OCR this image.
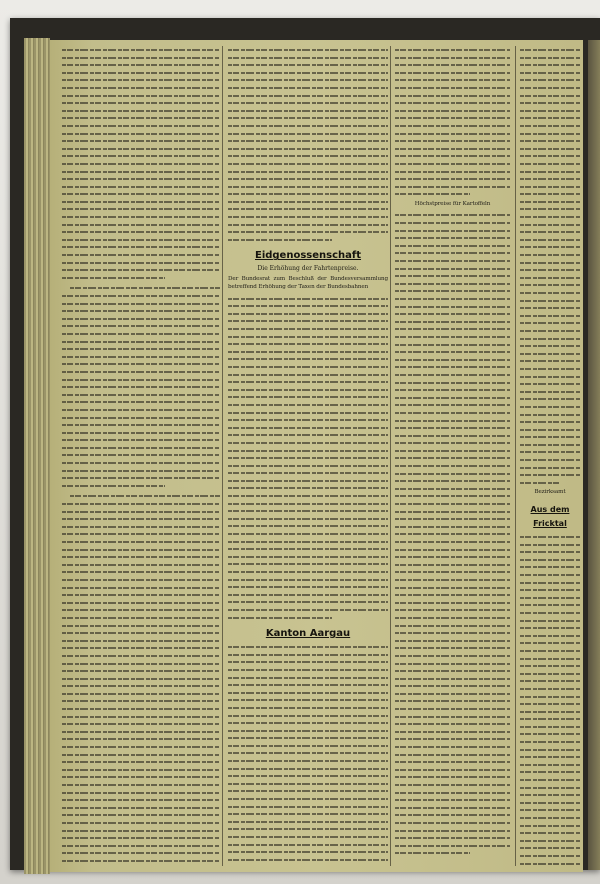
Eidgenossenschaft
Die Erhöhung der Fahrtenpreise.
Der Bundesrat zum Beschluß der Bundesversammlung betreffend Erhöhung der Taxen der Bundesbahnen
Kanton Aargau
Höchstpreise für Kartoffeln
Bezirksamt
Aus dem Fricktal
